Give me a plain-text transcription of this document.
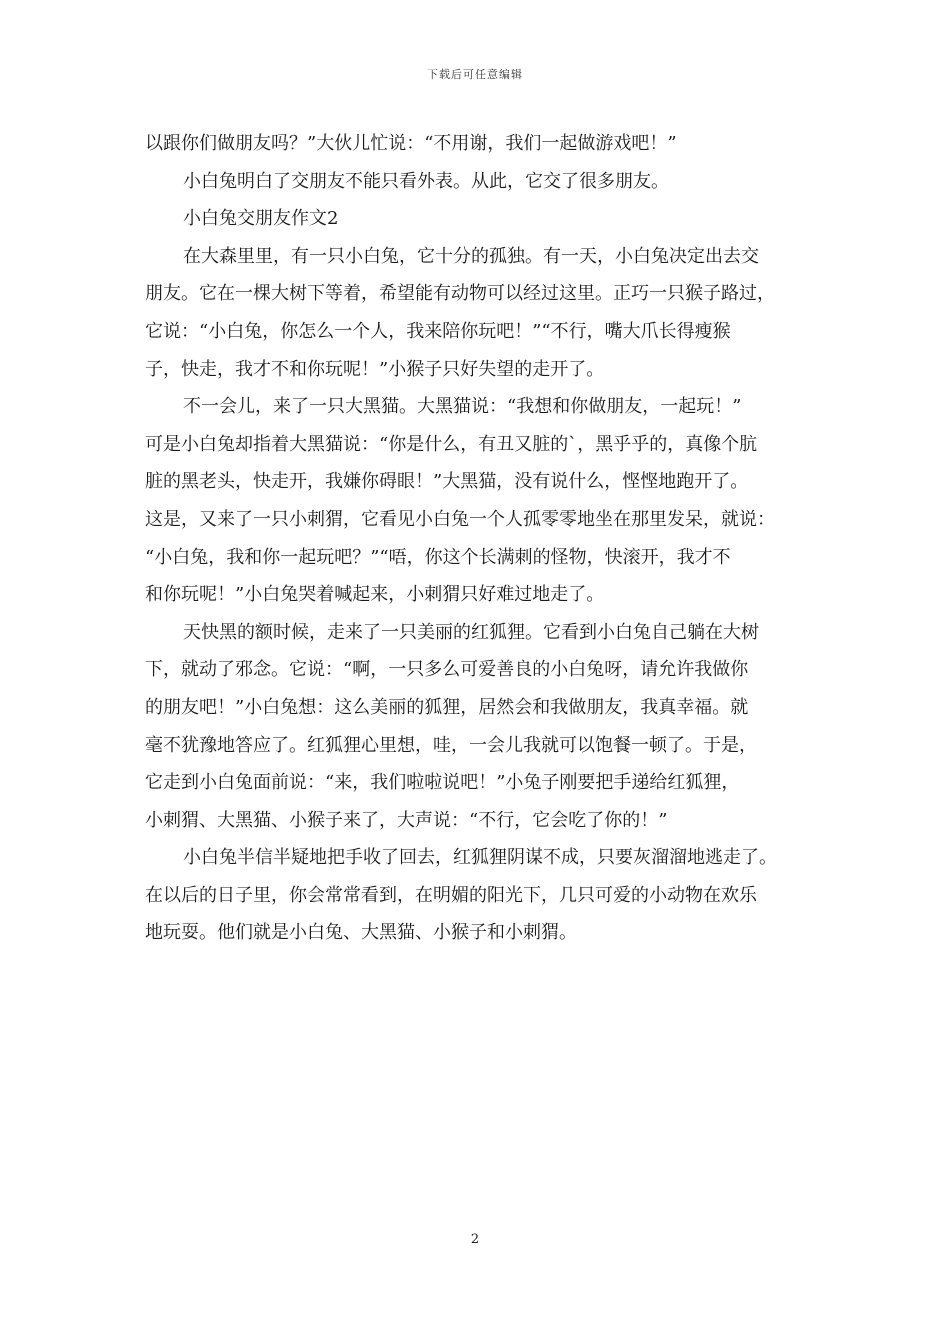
下载后可任意编辑
以跟你们做朋友吗？”大伙儿忙说：“不用谢，我们一起做游戏吧！”
小白兔明白了交朋友不能只看外表。从此，它交了很多朋友。
小白兔交朋友作文2
在大森里里，有一只小白兔，它十分的孤独。有一天，小白兔决定出去交
朋友。它在一棵大树下等着，希望能有动物可以经过这里。正巧一只猴子路过，
它说：“小白兔，你怎么一个人，我来陪你玩吧！”“不行，嘴大爪长得瘦猴
子，快走，我才不和你玩呢！”小猴子只好失望的走开了。
不一会儿，来了一只大黑猫。大黑猫说：“我想和你做朋友，一起玩！”
可是小白兔却指着大黑猫说：“你是什么，有丑又脏的`，黑乎乎的，真像个肮
脏的黑老头，快走开，我嫌你碍眼！”大黑猫，没有说什么，悭悭地跑开了。
这是，又来了一只小刺猬，它看见小白兔一个人孤零零地坐在那里发呆，就说：
“小白兔，我和你一起玩吧？”“唔，你这个长满刺的怪物，快滚开，我才不
和你玩呢！”小白兔哭着喊起来，小刺猬只好难过地走了。
天快黑的额时候，走来了一只美丽的红狐狸。它看到小白兔自己躺在大树
下，就动了邪念。它说：“啊，一只多么可爱善良的小白兔呀，请允许我做你
的朋友吧！”小白兔想：这么美丽的狐狸，居然会和我做朋友，我真幸福。就
毫不犹豫地答应了。红狐狸心里想，哇，一会儿我就可以饱餐一顿了。于是，
它走到小白兔面前说：“来，我们啦啦说吧！”小兔子刚要把手递给红狐狸，
小刺猬、大黑猫、小猴子来了，大声说：“不行，它会吃了你的！”
小白兔半信半疑地把手收了回去，红狐狸阴谋不成，只要灰溜溜地逃走了。
在以后的日子里，你会常常看到，在明媚的阳光下，几只可爱的小动物在欢乐
地玩耍。他们就是小白兔、大黑猫、小猴子和小刺猬。
2
